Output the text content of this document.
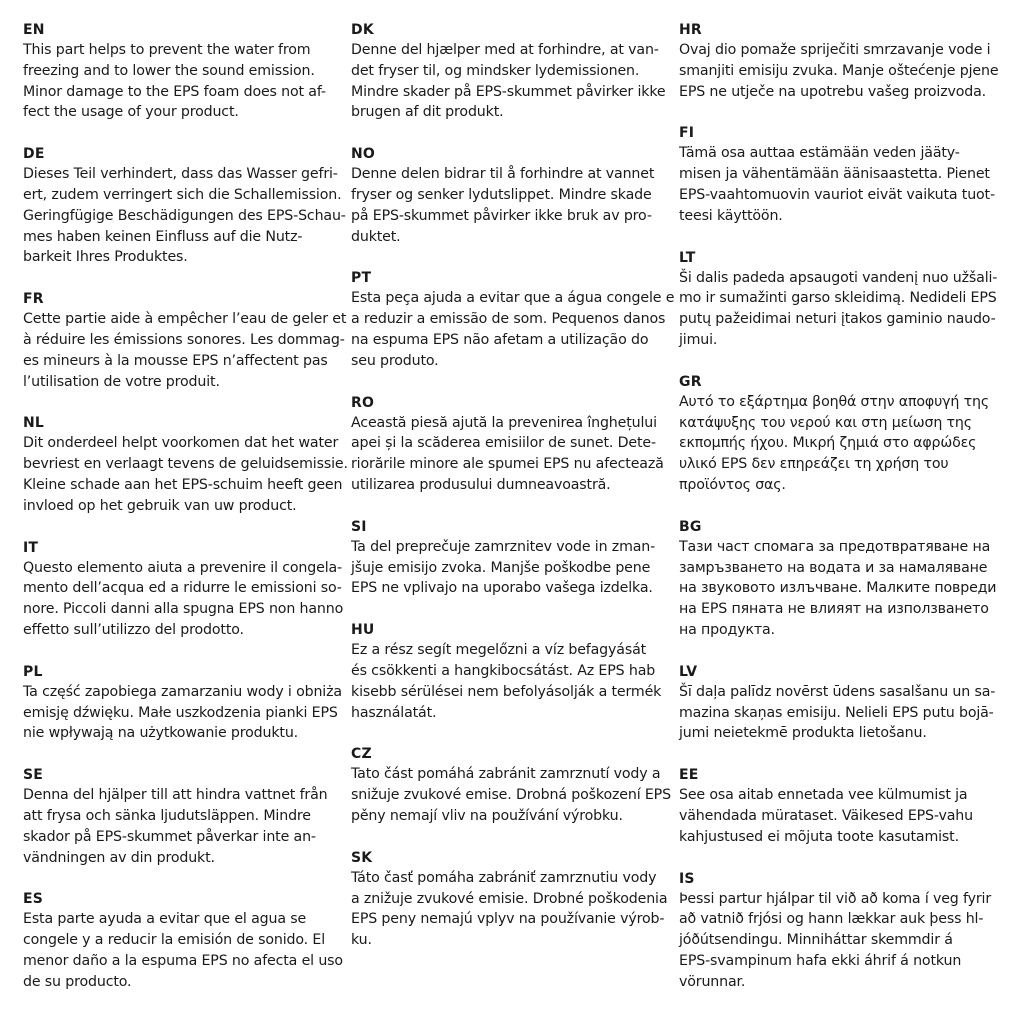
EN
This part helps to prevent the water from
freezing and to lower the sound emission.
Minor damage to the EPS foam does not af-
fect the usage of your product.
DE
Dieses Teil verhindert, dass das Wasser gefri-
ert, zudem verringert sich die Schallemission.
Geringfügige Beschädigungen des EPS-Schau-
mes haben keinen Einfluss auf die Nutz-
barkeit Ihres Produktes.
FR
Cette partie aide à empêcher l’eau de geler et
à réduire les émissions sonores. Les dommag-
es mineurs à la mousse EPS n’affectent pas
l’utilisation de votre produit.
NL
Dit onderdeel helpt voorkomen dat het water
bevriest en verlaagt tevens de geluidsemissie.
Kleine schade aan het EPS-schuim heeft geen
invloed op het gebruik van uw product.
IT
Questo elemento aiuta a prevenire il congela-
mento dell’acqua ed a ridurre le emissioni so-
nore. Piccoli danni alla spugna EPS non hanno
effetto sull’utilizzo del prodotto.
PL
Ta część zapobiega zamarzaniu wody i obniża
emisję dźwięku. Małe uszkodzenia pianki EPS
nie wpływają na użytkowanie produktu.
SE
Denna del hjälper till att hindra vattnet från
att frysa och sänka ljudutsläppen. Mindre
skador på EPS-skummet påverkar inte an-
vändningen av din produkt.
ES
Esta parte ayuda a evitar que el agua se
congele y a reducir la emisión de sonido. El
menor daño a la espuma EPS no afecta el uso
de su producto.
DK
Denne del hjælper med at forhindre, at van-
det fryser til, og mindsker lydemissionen.
Mindre skader på EPS-skummet påvirker ikke
brugen af dit produkt.
NO
Denne delen bidrar til å forhindre at vannet
fryser og senker lydutslippet. Mindre skade
på EPS-skummet påvirker ikke bruk av pro-
duktet.
PT
Esta peça ajuda a evitar que a água congele e
a reduzir a emissão de som. Pequenos danos
na espuma EPS não afetam a utilização do
seu produto.
RO
Această piesă ajută la prevenirea înghețului
apei și la scăderea emisiilor de sunet. Dete-
riorările minore ale spumei EPS nu afectează
utilizarea produsului dumneavoastră.
SI
Ta del preprečuje zamrznitev vode in zman-
jšuje emisijo zvoka. Manjše poškodbe pene
EPS ne vplivajo na uporabo vašega izdelka.
HU
Ez a rész segít megelőzni a víz befagyását
és csökkenti a hangkibocsátást. Az EPS hab
kisebb sérülései nem befolyásolják a termék
használatát.
CZ
Tato část pomáhá zabránit zamrznutí vody a
snižuje zvukové emise. Drobná poškození EPS
pěny nemají vliv na používání výrobku.
SK
Táto časť pomáha zabrániť zamrznutiu vody
a znižuje zvukové emisie. Drobné poškodenia
EPS peny nemajú vplyv na používanie výrob-
ku.
HR
Ovaj dio pomaže spriječiti smrzavanje vode i
smanjiti emisiju zvuka. Manje oštećenje pjene
EPS ne utječe na upotrebu vašeg proizvoda.
FI
Tämä osa auttaa estämään veden jääty-
misen ja vähentämään äänisaastetta. Pienet
EPS-vaahtomuovin vauriot eivät vaikuta tuot-
teesi käyttöön.
LT
Ši dalis padeda apsaugoti vandenį nuo užšali-
mo ir sumažinti garso skleidimą. Nedideli EPS
putų pažeidimai neturi įtakos gaminio naudo-
jimui.
GR
Αυτό το εξάρτημα βοηθά στην αποφυγή της
κατάψυξης του νερού και στη μείωση της
εκπομπής ήχου. Μικρή ζημιά στο αφρώδες
υλικό EPS δεν επηρεάζει τη χρήση του
προϊόντος σας.
BG
Тази част спомага за предотвратяване на
замръзването на водата и за намаляване
на звуковото излъчване. Малките повреди
на EPS пяната не влияят на използването
на продукта.
LV
Šī daļa palīdz novērst ūdens sasalšanu un sa-
mazina skaņas emisiju. Nelieli EPS putu bojā-
jumi neietekmē produkta lietošanu.
EE
See osa aitab ennetada vee külmumist ja
vähendada mürataset. Väikesed EPS-vahu
kahjustused ei mõjuta toote kasutamist.
IS
Þessi partur hjálpar til við að koma í veg fyrir
að vatnið frjósi og hann lækkar auk þess hl-
jóðútsendingu. Minniháttar skemmdir á
EPS-svampinum hafa ekki áhrif á notkun
vörunnar.
